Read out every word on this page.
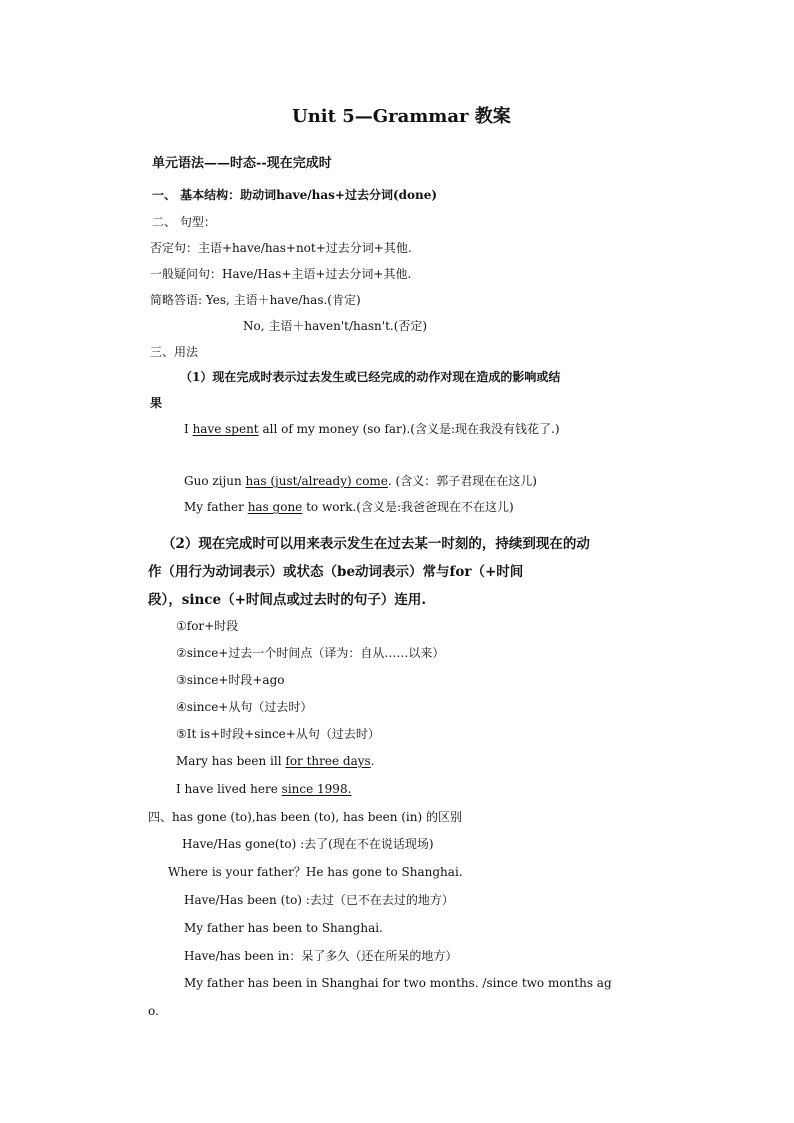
Unit 5—Grammar 教案
单元语法——时态--现在完成时
一、 基本结构：助动词have/has+过去分词(done)
二、 句型：
否定句：主语+have/has+not+过去分词+其他.
一般疑问句：Have/Has+主语+过去分词+其他.
简略答语: Yes, 主语＋have/has.(肯定)
No, 主语＋haven't/hasn't.(否定)
三、用法
（1）现在完成时表示过去发生或已经完成的动作对现在造成的影响或结
果
I have spent all of my money (so far).(含义是:现在我没有钱花了.)
Guo zijun has (just/already) come. (含义：郭子君现在在这儿)
My father has gone to work.(含义是:我爸爸现在不在这儿)
（2）现在完成时可以用来表示发生在过去某一时刻的，持续到现在的动
作（用行为动词表示）或状态（be动词表示）常与for（+时间
段），since（+时间点或过去时的句子）连用.
①for+时段
②since+过去一个时间点（译为：自从……以来）
③since+时段+ago
④since+从句（过去时）
⑤It is+时段+since+从句（过去时）
Mary has been ill for three days.
I have lived here since 1998.
四、has gone (to),has been (to), has been (in) 的区别
Have/Has gone(to) :去了(现在不在说话现场)
Where is your father？He has gone to Shanghai.
Have/Has been (to) :去过（已不在去过的地方）
My father has been to Shanghai.
Have/has been in：呆了多久（还在所呆的地方）
My father has been in Shanghai for two months. /since two months ag
o.
